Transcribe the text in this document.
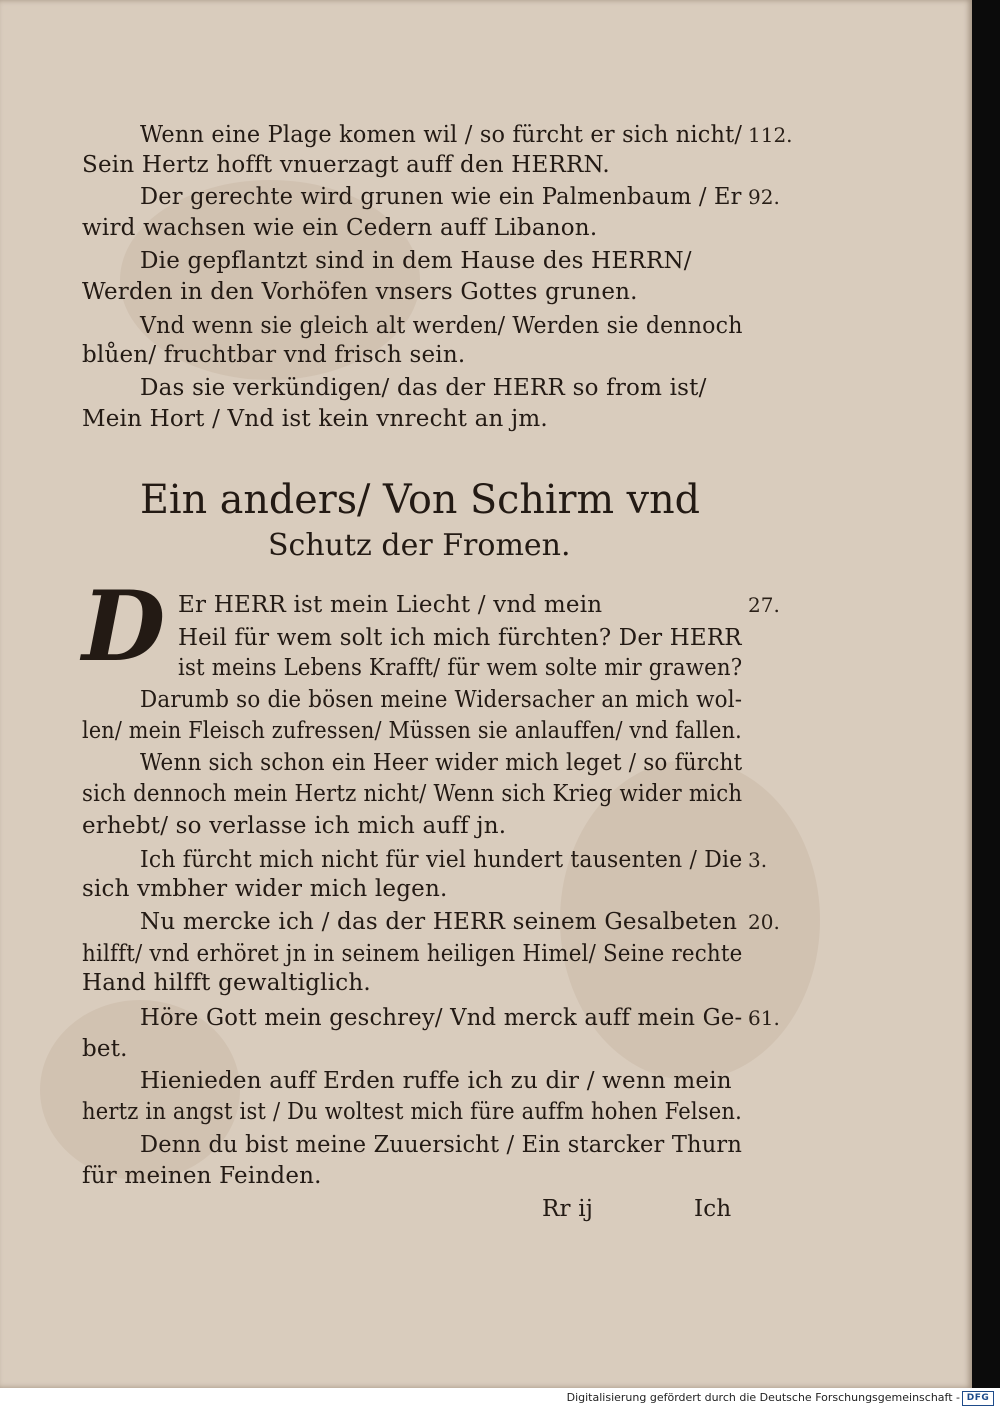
Wenn eine Plage komen wil / so fürcht er sich nicht/ 112.
Sein Hertz hofft vnuerzagt auff den HERRN.
Der gerechte wird grunen wie ein Palmenbaum / Er 92.
wird wachsen wie ein Cedern auff Libanon.
Die gepflantzt sind in dem Hause des HERRN/
Werden in den Vorhöfen vnsers Gottes grunen.
Vnd wenn sie gleich alt werden/ Werden sie dennoch
blůen/ fruchtbar vnd frisch sein.
Das sie verkündigen/ das der HERR so from ist/
Mein Hort / Vnd ist kein vnrecht an jm.
Ein anders/ Von Schirm vnd
Schutz der Fromen.
D Er HERR ist mein Liecht / vnd mein	27.
Heil für wem solt ich mich fürchten? Der HERR
ist meins Lebens Krafft/ für wem solte mir grawen?
Darumb so die bösen meine Widersacher an mich wol-
len/ mein Fleisch zufressen/ Müssen sie anlauffen/ vnd fallen.
Wenn sich schon ein Heer wider mich leget / so fürcht
sich dennoch mein Hertz nicht/ Wenn sich Krieg wider mich
erhebt/ so verlasse ich mich auff jn.
Ich fürcht mich nicht für viel hundert tausenten / Die 3.
sich vmbher wider mich legen.
Nu mercke ich / das der HERR seinem Gesalbeten 20.
hilfft/ vnd erhöret jn in seinem heiligen Himel/ Seine rechte
Hand hilfft gewaltiglich.
Höre Gott mein geschrey/ Vnd merck auff mein Ge- 61.
bet.
Hienieden auff Erden ruffe ich zu dir / wenn mein
hertz in angst ist / Du woltest mich füre auffm hohen Felsen.
Denn du bist meine Zuuersicht / Ein starcker Thurn
für meinen Feinden.
Rr ij	Ich
Digitalisierung gefördert durch die Deutsche Forschungsgemeinschaft - DFG
